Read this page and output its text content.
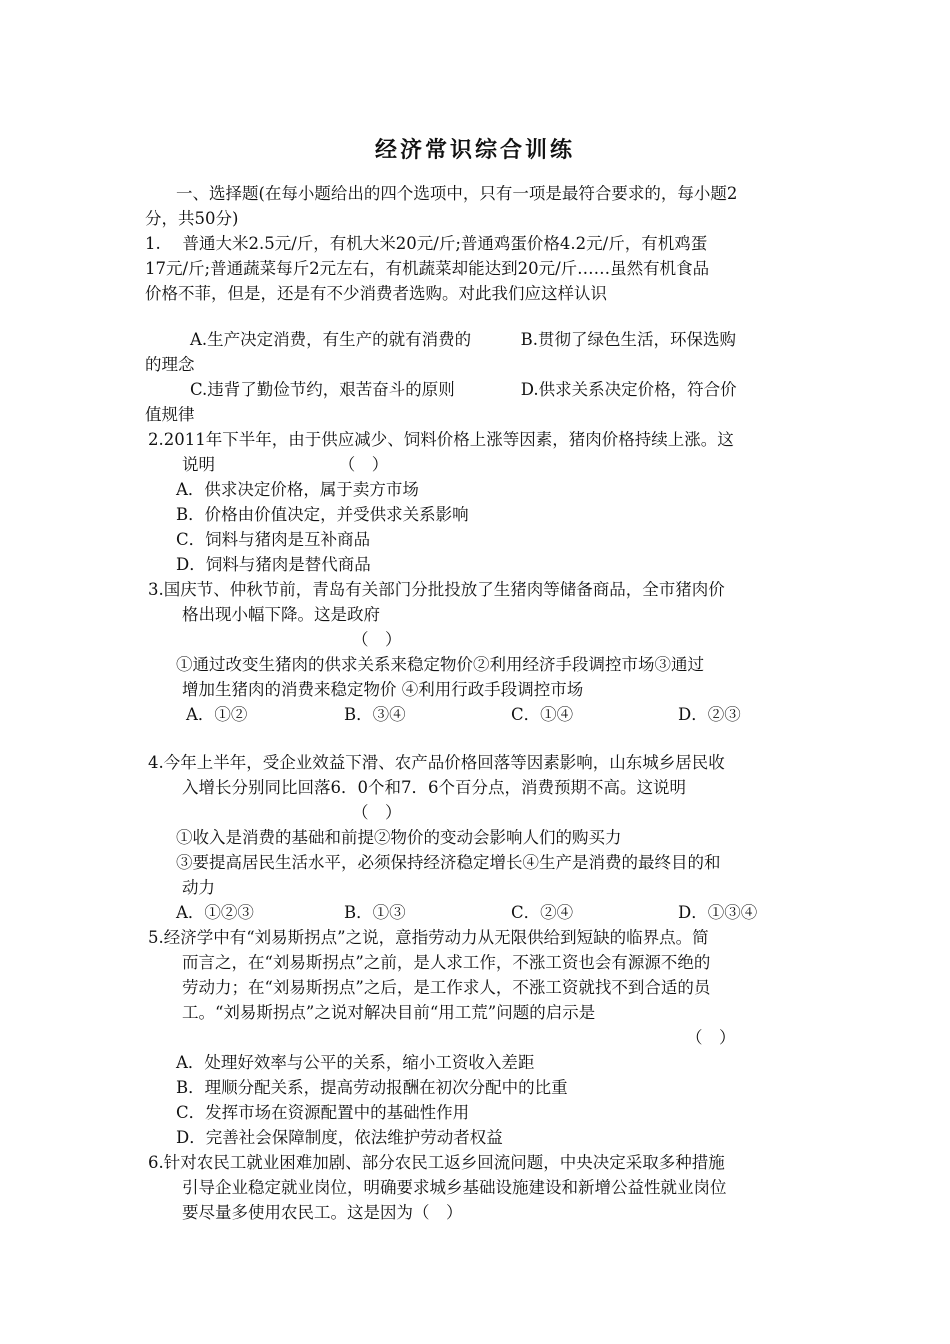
经济常识综合训练
一、选择题(在每小题给出的四个选项中，只有一项是最符合要求的，每小题2
分，共50分)
1.　 普通大米2.5元/斤，有机大米20元/斤;普通鸡蛋价格4.2元/斤，有机鸡蛋
17元/斤;普通蔬菜每斤2元左右，有机蔬菜却能达到20元/斤……虽然有机食品
价格不菲，但是，还是有不少消费者选购。对此我们应这样认识
A.生产决定消费，有生产的就有消费的　　　B.贯彻了绿色生活，环保选购
的理念
C.违背了勤俭节约，艰苦奋斗的原则　　　　D.供求关系决定价格，符合价
值规律
2.2011年下半年，由于供应减少、饲料价格上涨等因素，猪肉价格持续上涨。这
说明　　　　　　　　（　）
A．供求决定价格，属于卖方市场
B．价格由价值决定，并受供求关系影响
C．饲料与猪肉是互补商品
D．饲料与猪肉是替代商品
3.国庆节、仲秋节前，青岛有关部门分批投放了生猪肉等储备商品，全市猪肉价
格出现小幅下降。这是政府
（　）
①通过改变生猪肉的供求关系来稳定物价②利用经济手段调控市场③通过
增加生猪肉的消费来稳定物价 ④利用行政手段调控市场
A．①②	B．③④	C．①④	D．②③
4.今年上半年，受企业效益下滑、农产品价格回落等因素影响，山东城乡居民收
入增长分别同比回落6．0个和7．6个百分点，消费预期不高。这说明
（　）
①收入是消费的基础和前提②物价的变动会影响人们的购买力
③要提高居民生活水平，必须保持经济稳定增长④生产是消费的最终目的和
动力
A．①②③	B．①③	C．②④	D．①③④
5.经济学中有“刘易斯拐点”之说，意指劳动力从无限供给到短缺的临界点。简
而言之，在“刘易斯拐点”之前，是人求工作，不涨工资也会有源源不绝的
劳动力；在“刘易斯拐点”之后，是工作求人，不涨工资就找不到合适的员
工。“刘易斯拐点”之说对解决目前“用工荒”问题的启示是
（　）
A．处理好效率与公平的关系，缩小工资收入差距
B．理顺分配关系，提高劳动报酬在初次分配中的比重
C．发挥市场在资源配置中的基础性作用
D．完善社会保障制度，依法维护劳动者权益
6.针对农民工就业困难加剧、部分农民工返乡回流问题，中央决定采取多种措施
引导企业稳定就业岗位，明确要求城乡基础设施建设和新增公益性就业岗位
要尽量多使用农民工。这是因为（　）
